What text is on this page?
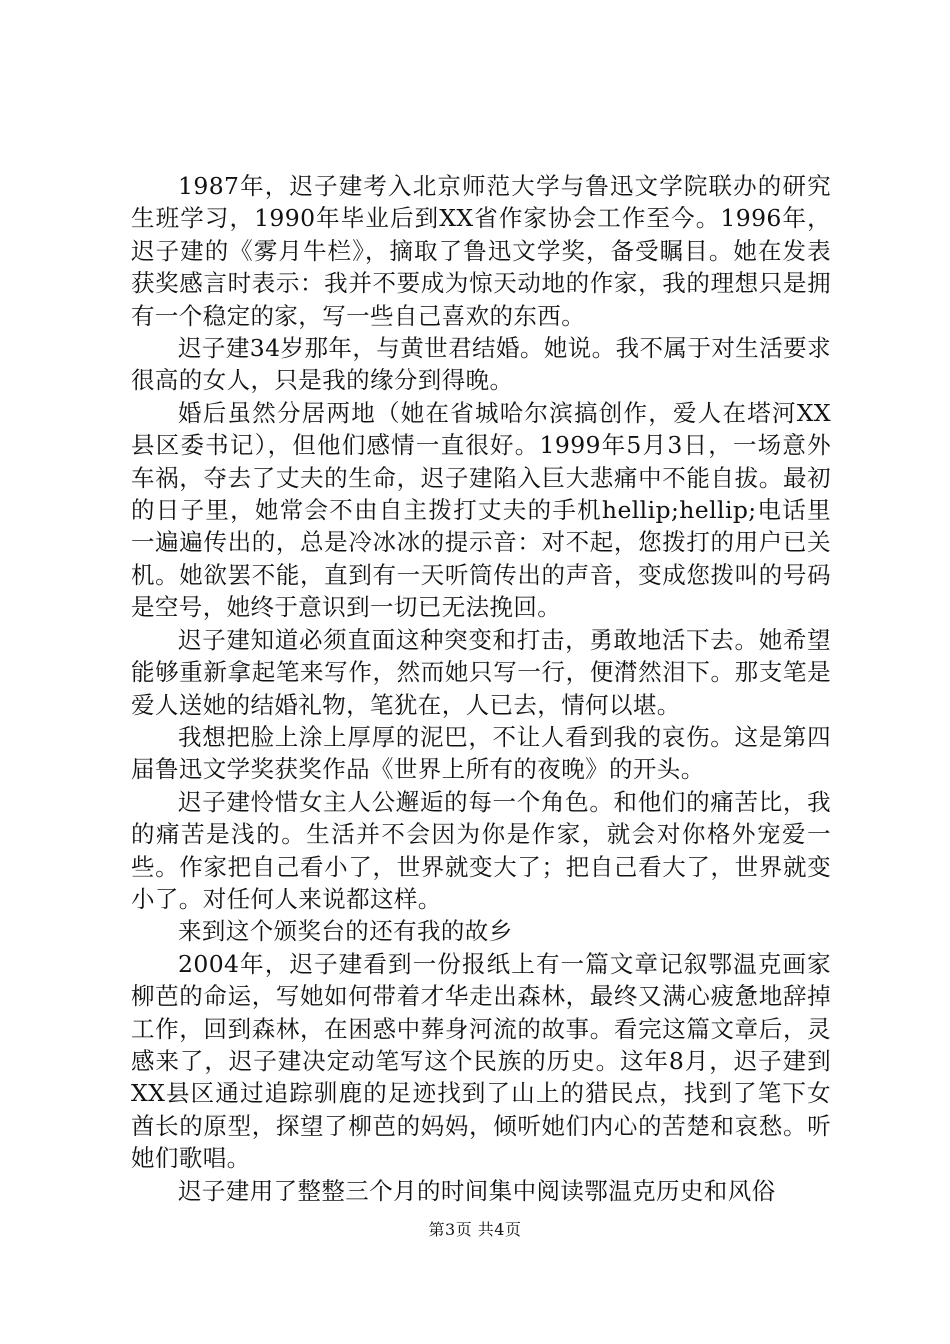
1987年，迟子建考入北京师范大学与鲁迅文学院联办的研究生班学习，1990年毕业后到XX省作家协会工作至今。1996年，迟子建的《雾月牛栏》，摘取了鲁迅文学奖，备受瞩目。她在发表获奖感言时表示：我并不要成为惊天动地的作家，我的理想只是拥有一个稳定的家，写一些自己喜欢的东西。

迟子建34岁那年，与黄世君结婚。她说。我不属于对生活要求很高的女人，只是我的缘分到得晚。

婚后虽然分居两地（她在省城哈尔滨搞创作，爱人在塔河XX县区委书记），但他们感情一直很好。1999年5月3日，一场意外车祸，夺去了丈夫的生命，迟子建陷入巨大悲痛中不能自拔。最初的日子里，她常会不由自主拨打丈夫的手机hellip;hellip;电话里一遍遍传出的，总是冷冰冰的提示音：对不起，您拨打的用户已关机。她欲罢不能，直到有一天听筒传出的声音，变成您拨叫的号码是空号，她终于意识到一切已无法挽回。

迟子建知道必须直面这种突变和打击，勇敢地活下去。她希望能够重新拿起笔来写作，然而她只写一行，便潸然泪下。那支笔是爱人送她的结婚礼物，笔犹在，人已去，情何以堪。

我想把脸上涂上厚厚的泥巴，不让人看到我的哀伤。这是第四届鲁迅文学奖获奖作品《世界上所有的夜晚》的开头。

迟子建怜惜女主人公邂逅的每一个角色。和他们的痛苦比，我的痛苦是浅的。生活并不会因为你是作家，就会对你格外宠爱一些。作家把自己看小了，世界就变大了；把自己看大了，世界就变小了。对任何人来说都这样。

来到这个颁奖台的还有我的故乡

2004年，迟子建看到一份报纸上有一篇文章记叙鄂温克画家柳芭的命运，写她如何带着才华走出森林，最终又满心疲惫地辞掉工作，回到森林，在困惑中葬身河流的故事。看完这篇文章后，灵感来了，迟子建决定动笔写这个民族的历史。这年8月，迟子建到XX县区通过追踪驯鹿的足迹找到了山上的猎民点，找到了笔下女酋长的原型，探望了柳芭的妈妈，倾听她们内心的苦楚和哀愁。听她们歌唱。

迟子建用了整整三个月的时间集中阅读鄂温克历史和风俗

第3页 共4页
